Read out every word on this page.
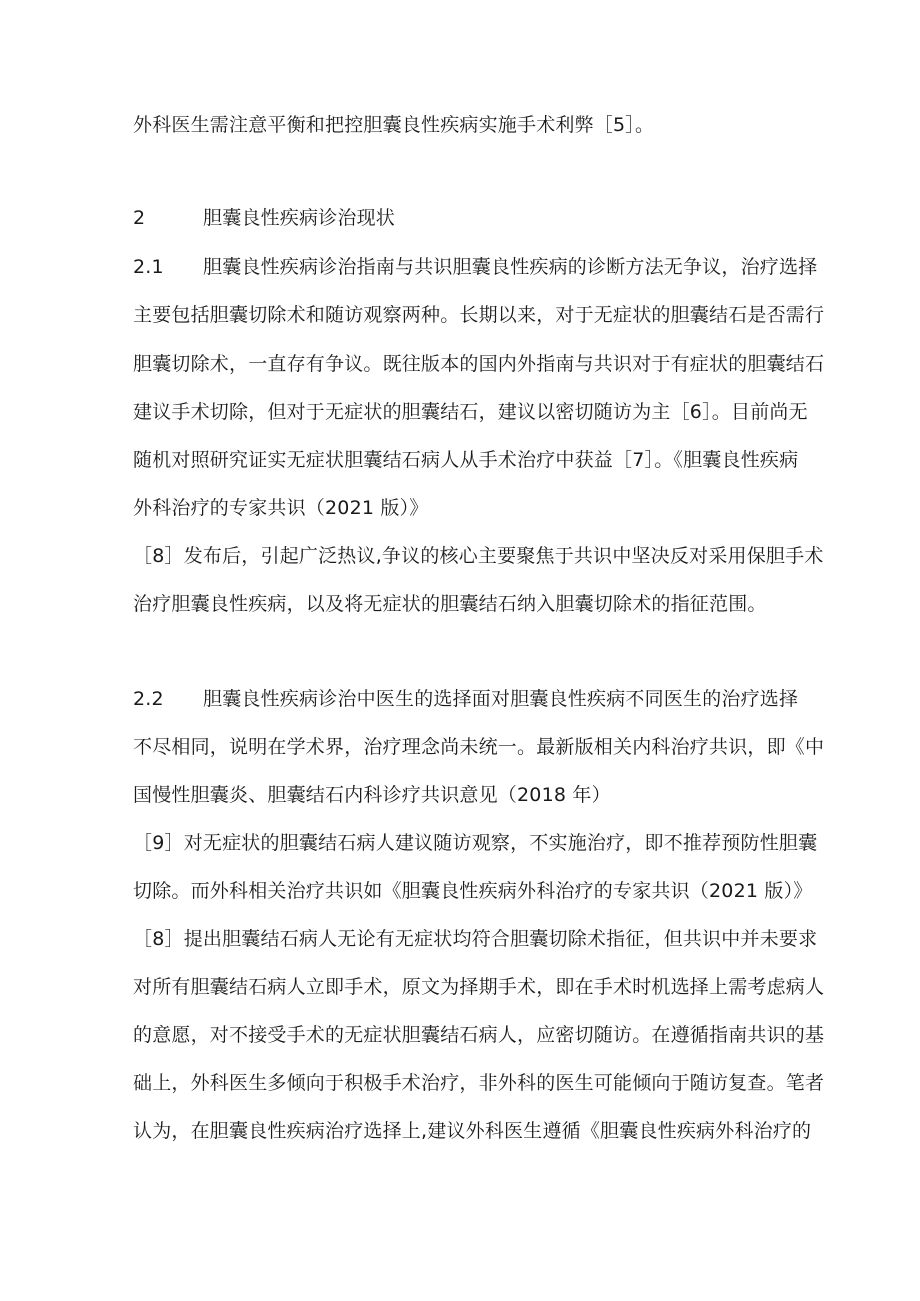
外科医生需注意平衡和把控胆囊良性疾病实施手术利弊［5］。

2	胆囊良性疾病诊治现状

2.1 胆囊良性疾病诊治指南与共识胆囊良性疾病的诊断方法无争议，治疗选择

主要包括胆囊切除术和随访观察两种。长期以来，对于无症状的胆囊结石是否需行

胆囊切除术，一直存有争议。既往版本的国内外指南与共识对于有症状的胆囊结石

建议手术切除，但对于无症状的胆囊结石，建议以密切随访为主［6］。目前尚无

随机对照研究证实无症状胆囊结石病人从手术治疗中获益［7］。《胆囊良性疾病

外科治疗的专家共识（2021 版）》

［8］发布后，引起广泛热议,争议的核心主要聚焦于共识中坚决反对采用保胆手术

治疗胆囊良性疾病，以及将无症状的胆囊结石纳入胆囊切除术的指征范围。

2.2 胆囊良性疾病诊治中医生的选择面对胆囊良性疾病不同医生的治疗选择

不尽相同，说明在学术界，治疗理念尚未统一。最新版相关内科治疗共识，即《中

国慢性胆囊炎、胆囊结石内科诊疗共识意见（2018 年）

［9］对无症状的胆囊结石病人建议随访观察，不实施治疗，即不推荐预防性胆囊

切除。而外科相关治疗共识如《胆囊良性疾病外科治疗的专家共识（2021 版）》

［8］提出胆囊结石病人无论有无症状均符合胆囊切除术指征，但共识中并未要求

对所有胆囊结石病人立即手术，原文为择期手术，即在手术时机选择上需考虑病人

的意愿，对不接受手术的无症状胆囊结石病人，应密切随访。在遵循指南共识的基

础上，外科医生多倾向于积极手术治疗，非外科的医生可能倾向于随访复查。笔者

认为，在胆囊良性疾病治疗选择上,建议外科医生遵循《胆囊良性疾病外科治疗的
